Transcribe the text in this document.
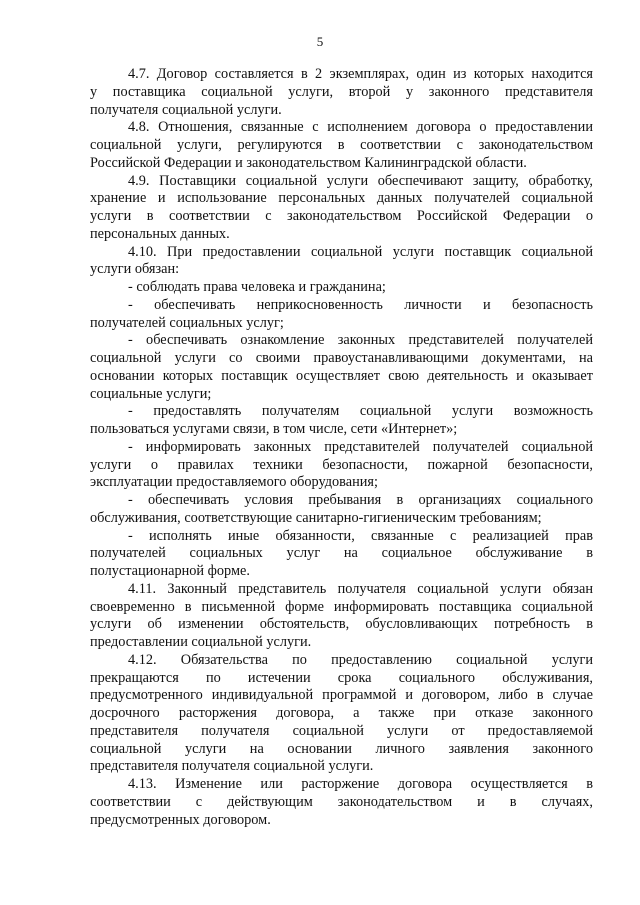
5
4.7. Договор составляется в 2 экземплярах, один из которых находится
у поставщика социальной услуги, второй у законного представителя
получателя социальной услуги.
4.8. Отношения, связанные с исполнением договора о предоставлении
социальной услуги, регулируются в соответствии с законодательством
Российской Федерации и законодательством Калининградской области.
4.9. Поставщики социальной услуги обеспечивают защиту, обработку,
хранение и использование персональных данных получателей социальной
услуги в соответствии с законодательством Российской Федерации о
персональных данных.
4.10. При предоставлении социальной услуги поставщик социальной
услуги обязан:
- соблюдать права человека и гражданина;
- обеспечивать неприкосновенность личности и безопасность
получателей социальных услуг;
- обеспечивать ознакомление законных представителей получателей
социальной услуги со своими правоустанавливающими документами, на
основании которых поставщик осуществляет свою деятельность и оказывает
социальные услуги;
- предоставлять получателям социальной услуги возможность
пользоваться услугами связи, в том числе, сети «Интернет»;
- информировать законных представителей получателей социальной
услуги о правилах техники безопасности, пожарной безопасности,
эксплуатации предоставляемого оборудования;
- обеспечивать условия пребывания в организациях социального
обслуживания, соответствующие санитарно-гигиеническим требованиям;
- исполнять иные обязанности, связанные с реализацией прав
получателей социальных услуг на социальное обслуживание в
полустационарной форме.
4.11. Законный представитель получателя социальной услуги обязан
своевременно в письменной форме информировать поставщика социальной
услуги об изменении обстоятельств, обусловливающих потребность в
предоставлении социальной услуги.
4.12. Обязательства по предоставлению социальной услуги
прекращаются по истечении срока социального обслуживания,
предусмотренного индивидуальной программой и договором, либо в случае
досрочного расторжения договора, а также при отказе законного
представителя получателя социальной услуги от предоставляемой
социальной услуги на основании личного заявления законного
представителя получателя социальной услуги.
4.13. Изменение или расторжение договора осуществляется в
соответствии с действующим законодательством и в случаях,
предусмотренных договором.
